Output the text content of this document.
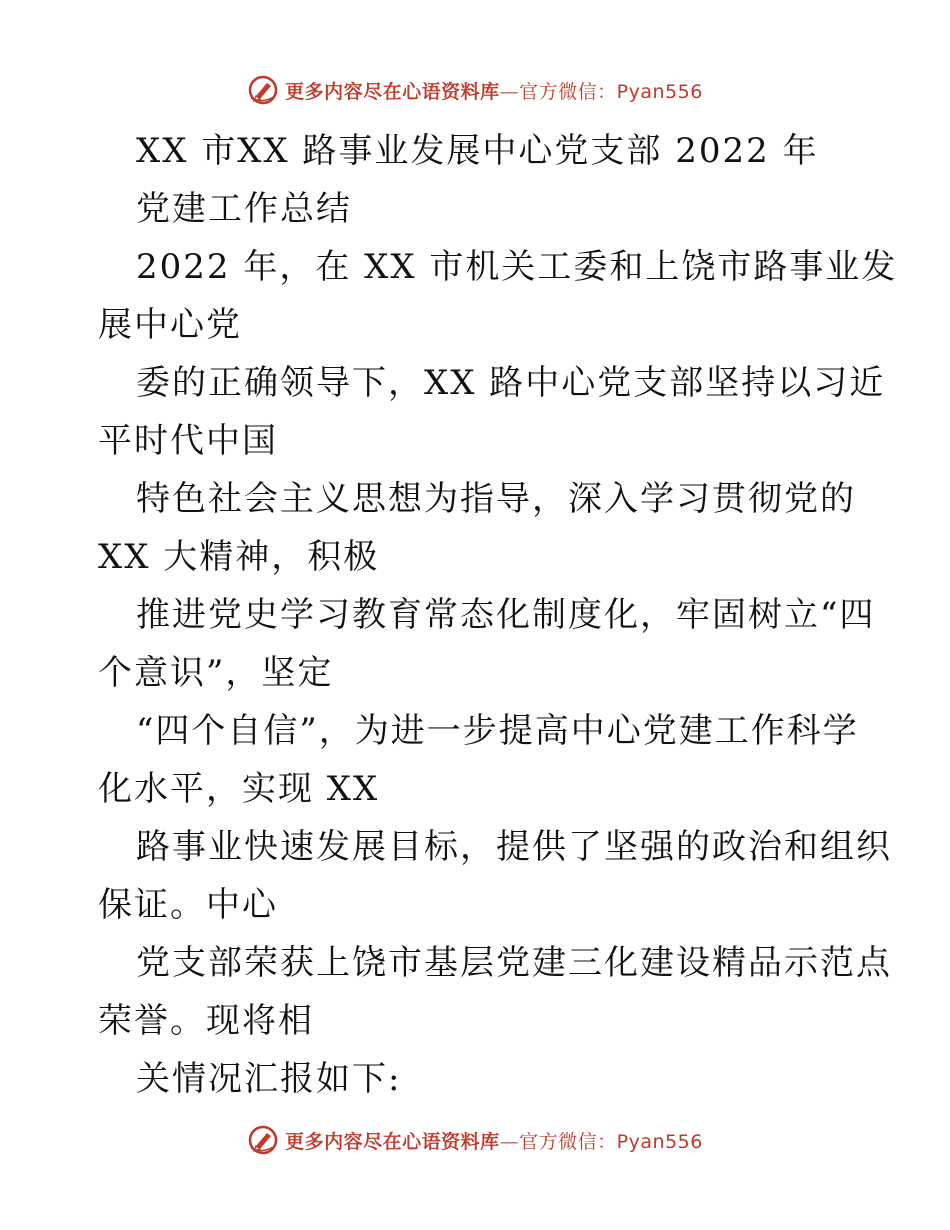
更多内容尽在心语资料库—官方微信：Pyan556
XX 市XX 路事业发展中心党支部 2022 年
党建工作总结
2022 年，在 XX 市机关工委和上饶市路事业发
展中心党
委的正确领导下，XX 路中心党支部坚持以习近
平时代中国
特色社会主义思想为指导，深入学习贯彻党的
XX 大精神，积极
推进党史学习教育常态化制度化，牢固树立“四
个意识”，坚定
“四个自信”，为进一步提高中心党建工作科学
化水平，实现 XX
路事业快速发展目标，提供了坚强的政治和组织
保证。中心
党支部荣获上饶市基层党建三化建设精品示范点
荣誉。现将相
关情况汇报如下:
更多内容尽在心语资料库—官方微信：Pyan556
